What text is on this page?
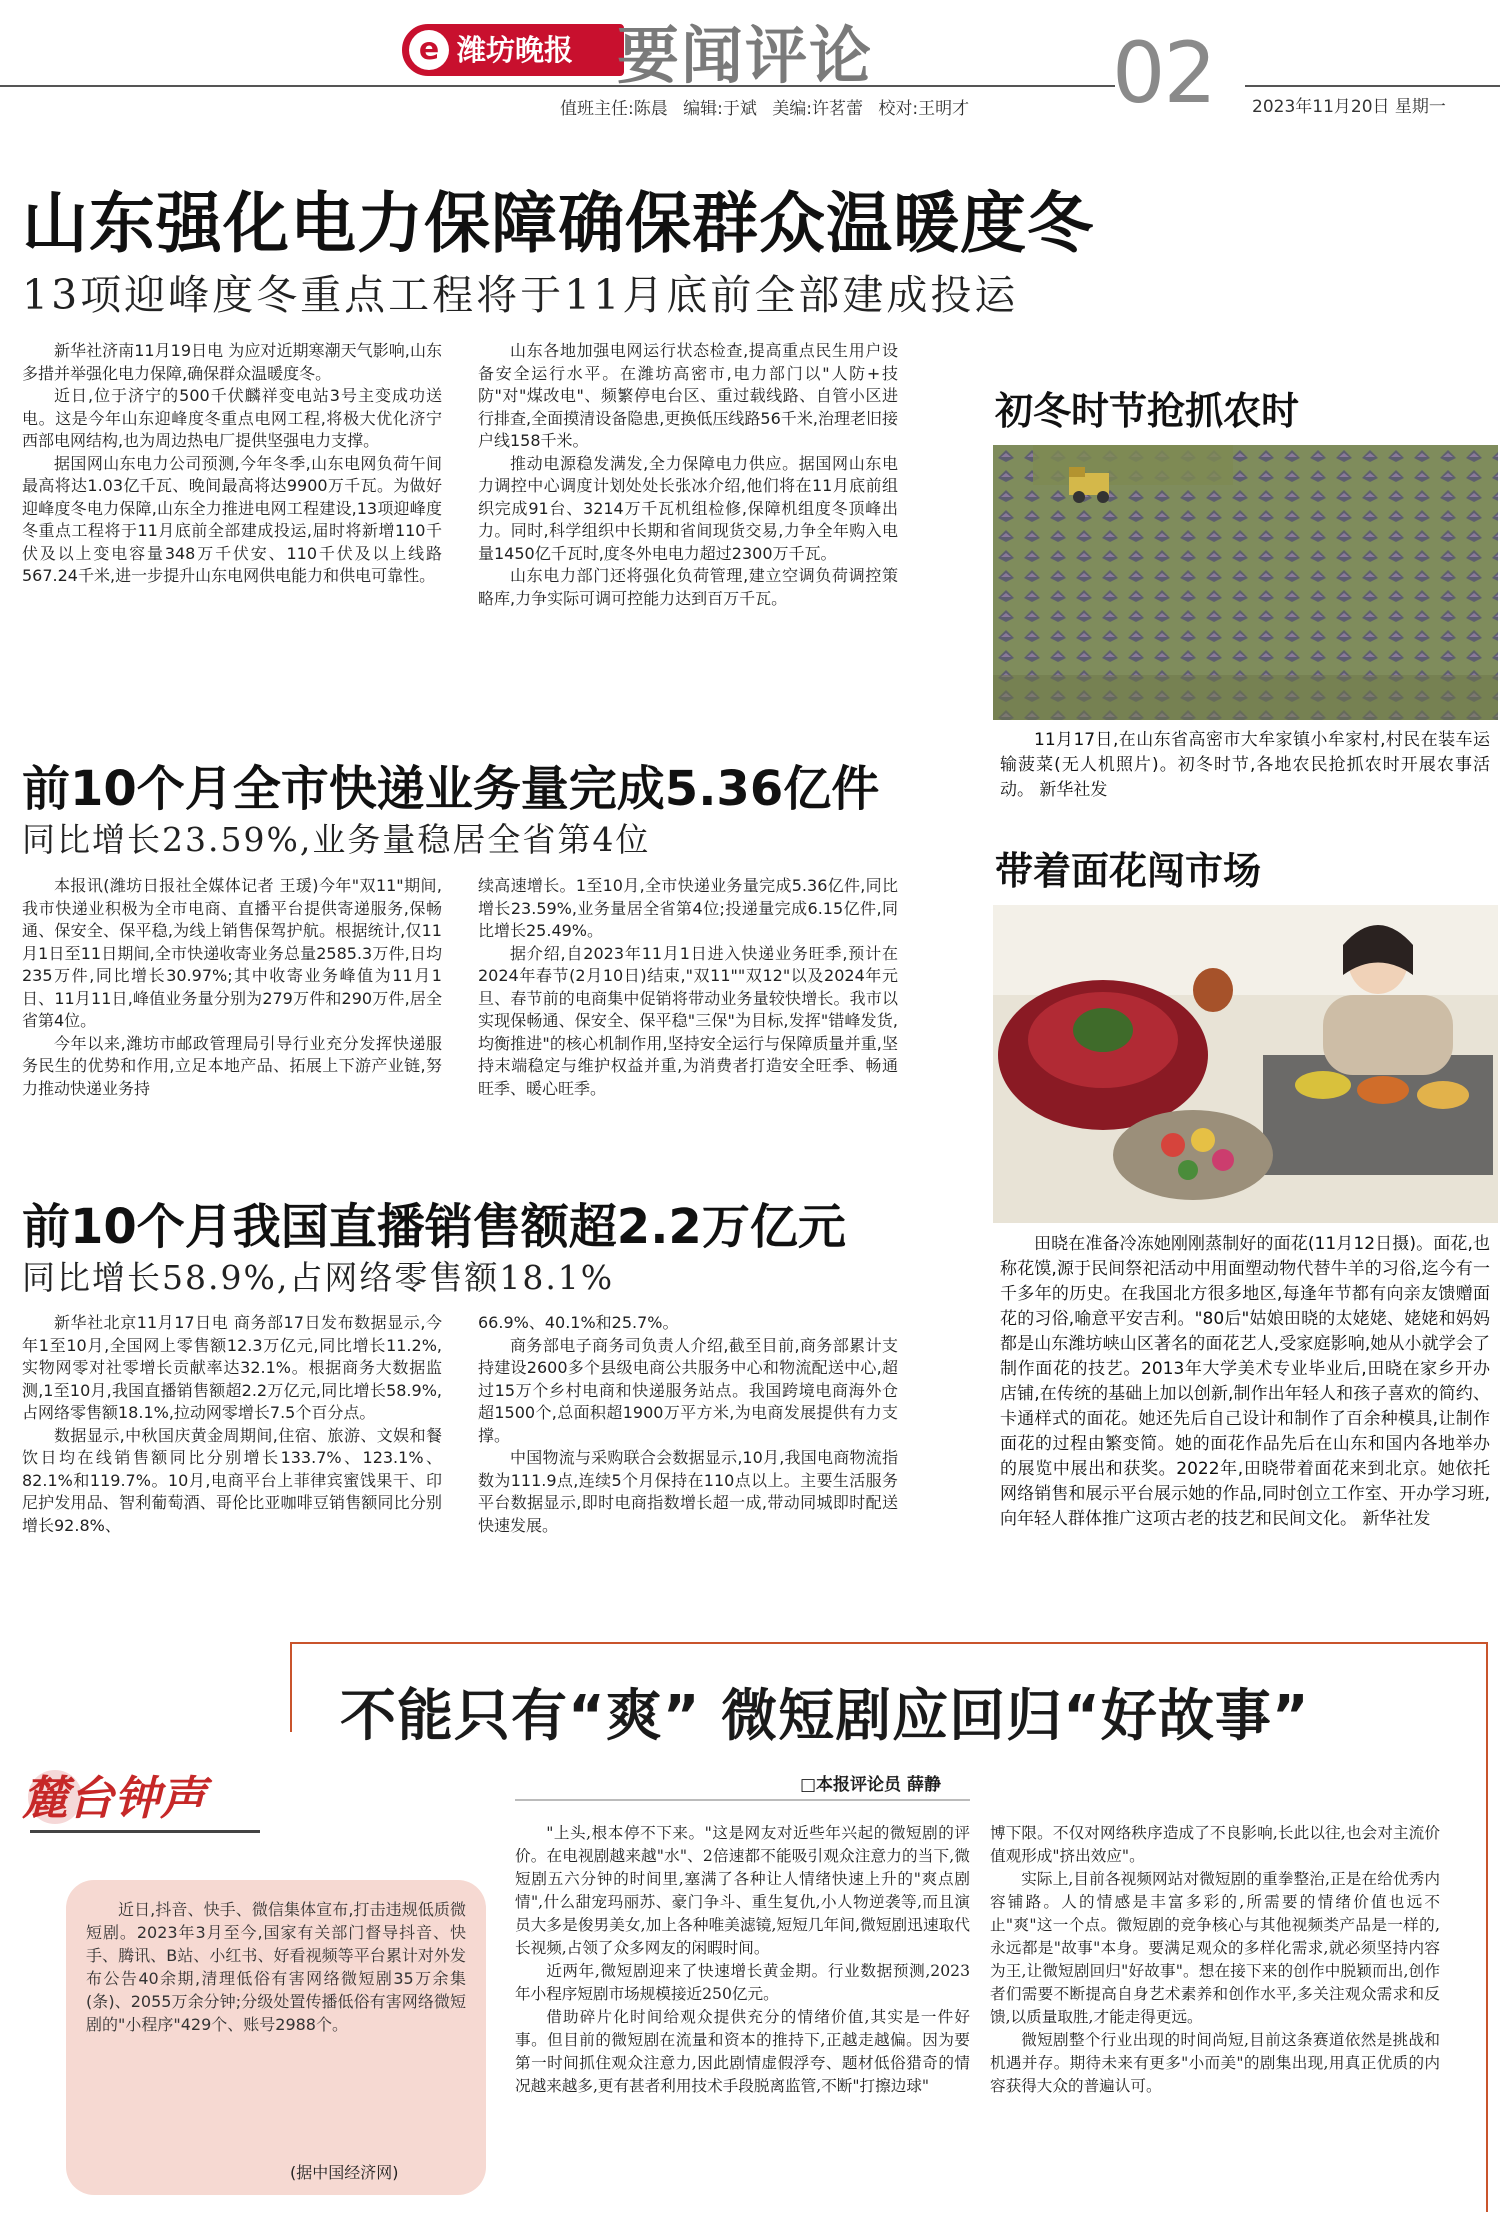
潍坊晚报
e	要闻评论	02
值班主任:陈晨 编辑:于斌 美编:许茗蕾 校对:王明才	2023年11月20日 星期一
山东强化电力保障确保群众温暖度冬
13项迎峰度冬重点工程将于11月底前全部建成投运

新华社济南11月19日电 为应对近期寒潮天气影响,山东多措并举强化电力保障,确保群众温暖度冬。

近日,位于济宁的500千伏麟祥变电站3号主变成功送电。这是今年山东迎峰度冬重点电网工程,将极大优化济宁西部电网结构,也为周边热电厂提供坚强电力支撑。

据国网山东电力公司预测,今年冬季,山东电网负荷午间最高将达1.03亿千瓦、晚间最高将达9900万千瓦。为做好迎峰度冬电力保障,山东全力推进电网工程建设,13项迎峰度冬重点工程将于11月底前全部建成投运,届时将新增110千伏及以上变电容量348万千伏安、110千伏及以上线路567.24千米,进一步提升山东电网供电能力和供电可靠性。

山东各地加强电网运行状态检查,提高重点民生用户设备安全运行水平。在潍坊高密市,电力部门以"人防+技防"对"煤改电"、频繁停电台区、重过载线路、自管小区进行排查,全面摸清设备隐患,更换低压线路56千米,治理老旧接户线158千米。

推动电源稳发满发,全力保障电力供应。据国网山东电力调控中心调度计划处处长张冰介绍,他们将在11月底前组织完成91台、3214万千瓦机组检修,保障机组度冬顶峰出力。同时,科学组织中长期和省间现货交易,力争全年购入电量1450亿千瓦时,度冬外电电力超过2300万千瓦。

山东电力部门还将强化负荷管理,建立空调负荷调控策略库,力争实际可调可控能力达到百万千瓦。

前10个月全市快递业务量完成5.36亿件
同比增长23.59%,业务量稳居全省第4位

本报讯(潍坊日报社全媒体记者 王瑗)今年"双11"期间,我市快递业积极为全市电商、直播平台提供寄递服务,保畅通、保安全、保平稳,为线上销售保驾护航。根据统计,仅11月1日至11日期间,全市快递收寄业务总量2585.3万件,日均235万件,同比增长30.97%;其中收寄业务峰值为11月1日、11月11日,峰值业务量分别为279万件和290万件,居全省第4位。

今年以来,潍坊市邮政管理局引导行业充分发挥快递服务民生的优势和作用,立足本地产品、拓展上下游产业链,努力推动快递业务持

续高速增长。1至10月,全市快递业务量完成5.36亿件,同比增长23.59%,业务量居全省第4位;投递量完成6.15亿件,同比增长25.49%。

据介绍,自2023年11月1日进入快递业务旺季,预计在2024年春节(2月10日)结束,"双11""双12"以及2024年元旦、春节前的电商集中促销将带动业务量较快增长。我市以实现保畅通、保安全、保平稳"三保"为目标,发挥"错峰发货,均衡推进"的核心机制作用,坚持安全运行与保障质量并重,坚持末端稳定与维护权益并重,为消费者打造安全旺季、畅通旺季、暖心旺季。

前10个月我国直播销售额超2.2万亿元
同比增长58.9%,占网络零售额18.1%

新华社北京11月17日电 商务部17日发布数据显示,今年1至10月,全国网上零售额12.3万亿元,同比增长11.2%,实物网零对社零增长贡献率达32.1%。根据商务大数据监测,1至10月,我国直播销售额超2.2万亿元,同比增长58.9%,占网络零售额18.1%,拉动网零增长7.5个百分点。

数据显示,中秋国庆黄金周期间,住宿、旅游、文娱和餐饮日均在线销售额同比分别增长133.7%、123.1%、82.1%和119.7%。10月,电商平台上菲律宾蜜饯果干、印尼护发用品、智利葡萄酒、哥伦比亚咖啡豆销售额同比分别增长92.8%、

66.9%、40.1%和25.7%。

商务部电子商务司负责人介绍,截至目前,商务部累计支持建设2600多个县级电商公共服务中心和物流配送中心,超过15万个乡村电商和快递服务站点。我国跨境电商海外仓超1500个,总面积超1900万平方米,为电商发展提供有力支撑。

中国物流与采购联合会数据显示,10月,我国电商物流指数为111.9点,连续5个月保持在110点以上。主要生活服务平台数据显示,即时电商指数增长超一成,带动同城即时配送快速发展。

初冬时节抢抓农时

11月17日,在山东省高密市大牟家镇小牟家村,村民在装车运输菠菜(无人机照片)。初冬时节,各地农民抢抓农时开展农事活动。 新华社发

带着面花闯市场

田晓在准备冷冻她刚刚蒸制好的面花(11月12日摄)。面花,也称花馍,源于民间祭祀活动中用面塑动物代替牛羊的习俗,迄今有一千多年的历史。在我国北方很多地区,每逢年节都有向亲友馈赠面花的习俗,喻意平安吉利。"80后"姑娘田晓的太姥姥、姥姥和妈妈都是山东潍坊峡山区著名的面花艺人,受家庭影响,她从小就学会了制作面花的技艺。2013年大学美术专业毕业后,田晓在家乡开办店铺,在传统的基础上加以创新,制作出年轻人和孩子喜欢的简约、卡通样式的面花。她还先后自己设计和制作了百余种模具,让制作面花的过程由繁变简。她的面花作品先后在山东和国内各地举办的展览中展出和获奖。2022年,田晓带着面花来到北京。她依托网络销售和展示平台展示她的作品,同时创立工作室、开办学习班,向年轻人群体推广这项古老的技艺和民间文化。 新华社发

不能只有“爽” 微短剧应回归“好故事”
□本报评论员 薛静
麓台钟声

近日,抖音、快手、微信集体宣布,打击违规低质微短剧。2023年3月至今,国家有关部门督导抖音、快手、腾讯、B站、小红书、好看视频等平台累计对外发布公告40余期,清理低俗有害网络微短剧35万余集(条)、2055万余分钟;分级处置传播低俗有害网络微短剧的"小程序"429个、账号2988个。

(据中国经济网)

"上头,根本停不下来。"这是网友对近些年兴起的微短剧的评价。在电视剧越来越"水"、2倍速都不能吸引观众注意力的当下,微短剧五六分钟的时间里,塞满了各种让人情绪快速上升的"爽点剧情",什么甜宠玛丽苏、豪门争斗、重生复仇,小人物逆袭等,而且演员大多是俊男美女,加上各种唯美滤镜,短短几年间,微短剧迅速取代长视频,占领了众多网友的闲暇时间。

近两年,微短剧迎来了快速增长黄金期。行业数据预测,2023年小程序短剧市场规模接近250亿元。

借助碎片化时间给观众提供充分的情绪价值,其实是一件好事。但目前的微短剧在流量和资本的推持下,正越走越偏。因为要第一时间抓住观众注意力,因此剧情虚假浮夸、题材低俗猎奇的情况越来越多,更有甚者利用技术手段脱离监管,不断"打擦边球"

博下限。不仅对网络秩序造成了不良影响,长此以往,也会对主流价值观形成"挤出效应"。

实际上,目前各视频网站对微短剧的重拳整治,正是在给优秀内容铺路。人的情感是丰富多彩的,所需要的情绪价值也远不止"爽"这一个点。微短剧的竞争核心与其他视频类产品是一样的,永远都是"故事"本身。要满足观众的多样化需求,就必须坚持内容为王,让微短剧回归"好故事"。想在接下来的创作中脱颖而出,创作者们需要不断提高自身艺术素养和创作水平,多关注观众需求和反馈,以质量取胜,才能走得更远。

微短剧整个行业出现的时间尚短,目前这条赛道依然是挑战和机遇并存。期待未来有更多"小而美"的剧集出现,用真正优质的内容获得大众的普遍认可。
